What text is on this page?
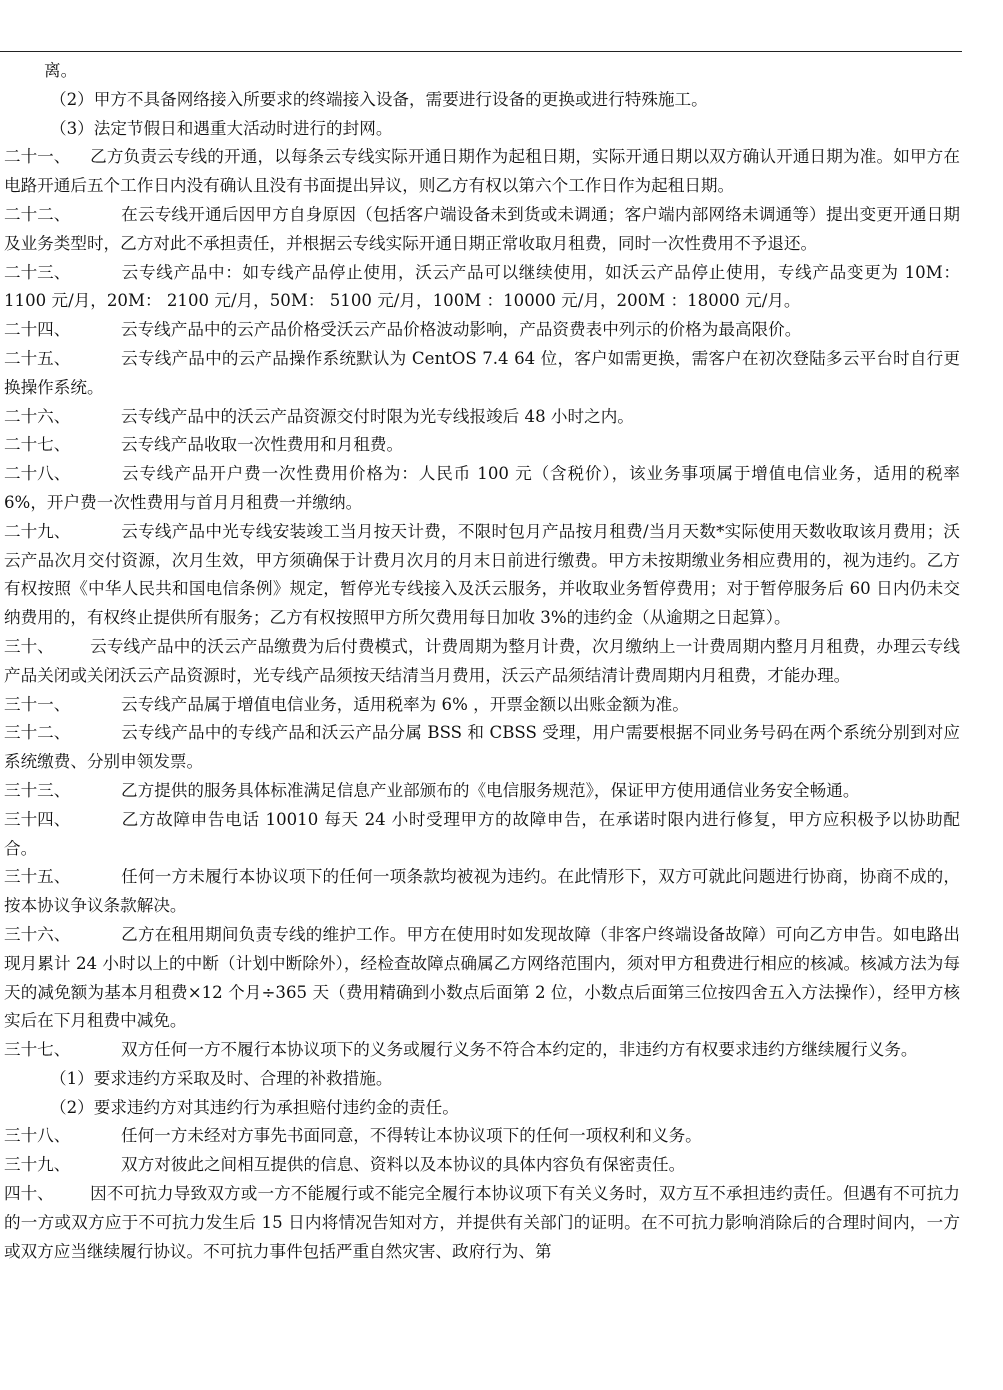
离。

（2）甲方不具备网络接入所要求的终端接入设备，需要进行设备的更换或进行特殊施工。

（3）法定节假日和遇重大活动时进行的封网。

二十一、 乙方负责云专线的开通，以每条云专线实际开通日期作为起租日期，实际开通日期以双方确认开通日期为准。如甲方在电路开通后五个工作日内没有确认且没有书面提出异议，则乙方有权以第六个工作日作为起租日期。
二十二、	在云专线开通后因甲方自身原因（包括客户端设备未到货或未调通；客户端内部网络未调通等）提出变更开通日期及业务类型时，乙方对此不承担责任，并根据云专线实际开通日期正常收取月租费，同时一次性费用不予退还。
二十三、	云专线产品中：如专线产品停止使用，沃云产品可以继续使用，如沃云产品停止使用，专线产品变更为 10M：1100 元/月，20M： 2100 元/月，50M： 5100 元/月，100M ：10000 元/月，200M ：18000 元/月。
二十四、	云专线产品中的云产品价格受沃云产品价格波动影响，产品资费表中列示的价格为最高限价。
二十五、	云专线产品中的云产品操作系统默认为 CentOS 7.4 64 位，客户如需更换，需客户在初次登陆多云平台时自行更换操作系统。
二十六、	云专线产品中的沃云产品资源交付时限为光专线报竣后 48 小时之内。
二十七、	云专线产品收取一次性费用和月租费。
二十八、	云专线产品开户费一次性费用价格为：人民币 100 元（含税价），该业务事项属于增值电信业务，适用的税率 6%，开户费一次性费用与首月月租费一并缴纳。
二十九、	云专线产品中光专线安装竣工当月按天计费，不限时包月产品按月租费/当月天数*实际使用天数收取该月费用；沃云产品次月交付资源，次月生效，甲方须确保于计费月次月的月末日前进行缴费。甲方未按期缴业务相应费用的，视为违约。乙方有权按照《中华人民共和国电信条例》规定，暂停光专线接入及沃云服务，并收取业务暂停费用；对于暂停服务后 60 日内仍未交纳费用的，有权终止提供所有服务；乙方有权按照甲方所欠费用每日加收 3%的违约金（从逾期之日起算）。
三十、 云专线产品中的沃云产品缴费为后付费模式，计费周期为整月计费，次月缴纳上一计费周期内整月月租费，办理云专线产品关闭或关闭沃云产品资源时，光专线产品须按天结清当月费用，沃云产品须结清计费周期内月租费，才能办理。
三十一、	云专线产品属于增值电信业务，适用税率为 6% ，开票金额以出账金额为准。
三十二、	云专线产品中的专线产品和沃云产品分属 BSS 和 CBSS 受理，用户需要根据不同业务号码在两个系统分别到对应系统缴费、分别申领发票。
三十三、	乙方提供的服务具体标准满足信息产业部颁布的《电信服务规范》，保证甲方使用通信业务安全畅通。
三十四、	乙方故障申告电话 10010 每天 24 小时受理甲方的故障申告，在承诺时限内进行修复，甲方应积极予以协助配合。
三十五、	任何一方未履行本协议项下的任何一项条款均被视为违约。在此情形下，双方可就此问题进行协商，协商不成的，按本协议争议条款解决。
三十六、	乙方在租用期间负责专线的维护工作。甲方在使用时如发现故障（非客户终端设备故障）可向乙方申告。如电路出现月累计 24 小时以上的中断（计划中断除外），经检查故障点确属乙方网络范围内，须对甲方租费进行相应的核减。核减方法为每天的减免额为基本月租费×12 个月÷365 天（费用精确到小数点后面第 2 位，小数点后面第三位按四舍五入方法操作），经甲方核实后在下月租费中减免。
三十七、	双方任何一方不履行本协议项下的义务或履行义务不符合本约定的，非违约方有权要求违约方继续履行义务。

（1）要求违约方采取及时、合理的补救措施。

（2）要求违约方对其违约行为承担赔付违约金的责任。

三十八、	任何一方未经对方事先书面同意，不得转让本协议项下的任何一项权利和义务。
三十九、	双方对彼此之间相互提供的信息、资料以及本协议的具体内容负有保密责任。
四十、 因不可抗力导致双方或一方不能履行或不能完全履行本协议项下有关义务时，双方互不承担违约责任。但遇有不可抗力的一方或双方应于不可抗力发生后 15 日内将情况告知对方，并提供有关部门的证明。在不可抗力影响消除后的合理时间内，一方或双方应当继续履行协议。不可抗力事件包括严重自然灾害、政府行为、第
